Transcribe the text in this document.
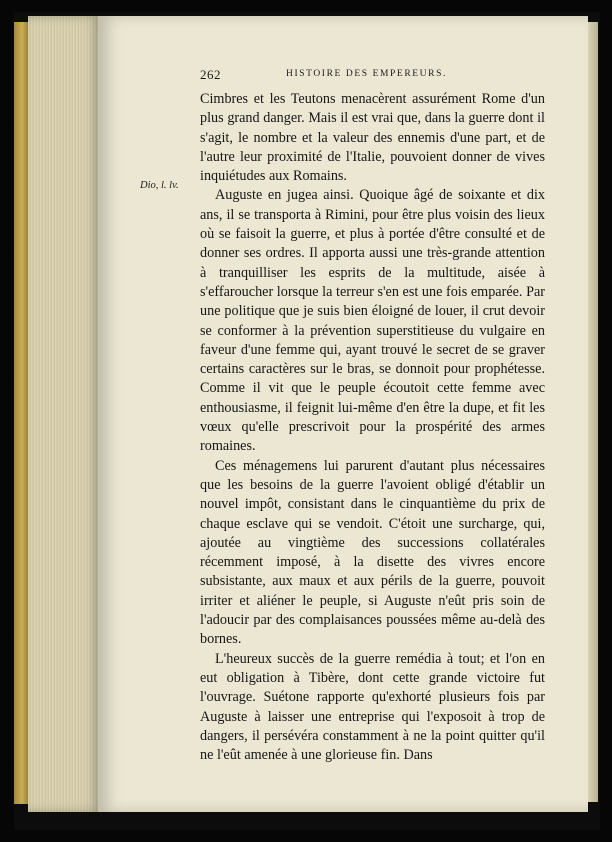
262	HISTOIRE DES EMPEREURS.
Dio, l. lv.

Cimbres et les Teutons menacèrent assurément Rome d'un plus grand danger. Mais il est vrai que, dans la guerre dont il s'agit, le nombre et la valeur des ennemis d'une part, et de l'autre leur proximité de l'Italie, pouvoient donner de vives inquiétudes aux Romains.

Auguste en jugea ainsi. Quoique âgé de soixante et dix ans, il se transporta à Rimini, pour être plus voisin des lieux où se faisoit la guerre, et plus à portée d'être consulté et de donner ses ordres. Il apporta aussi une très-grande attention à tranquilliser les esprits de la multitude, aisée à s'effaroucher lorsque la terreur s'en est une fois emparée. Par une politique que je suis bien éloigné de louer, il crut devoir se conformer à la prévention superstitieuse du vulgaire en faveur d'une femme qui, ayant trouvé le secret de se graver certains caractères sur le bras, se donnoit pour prophétesse. Comme il vit que le peuple écoutoit cette femme avec enthousiasme, il feignit lui-même d'en être la dupe, et fit les vœux qu'elle prescrivoit pour la prospérité des armes romaines.

Ces ménagemens lui parurent d'autant plus nécessaires que les besoins de la guerre l'avoient obligé d'établir un nouvel impôt, consistant dans le cinquantième du prix de chaque esclave qui se vendoit. C'étoit une surcharge, qui, ajoutée au vingtième des successions collatérales récemment imposé, à la disette des vivres encore subsistante, aux maux et aux périls de la guerre, pouvoit irriter et aliéner le peuple, si Auguste n'eût pris soin de l'adoucir par des complaisances poussées même au-delà des bornes.

L'heureux succès de la guerre remédia à tout; et l'on en eut obligation à Tibère, dont cette grande victoire fut l'ouvrage. Suétone rapporte qu'exhorté plusieurs fois par Auguste à laisser une entreprise qui l'exposoit à trop de dangers, il persévéra constamment à ne la point quitter qu'il ne l'eût amenée à une glorieuse fin. Dans
